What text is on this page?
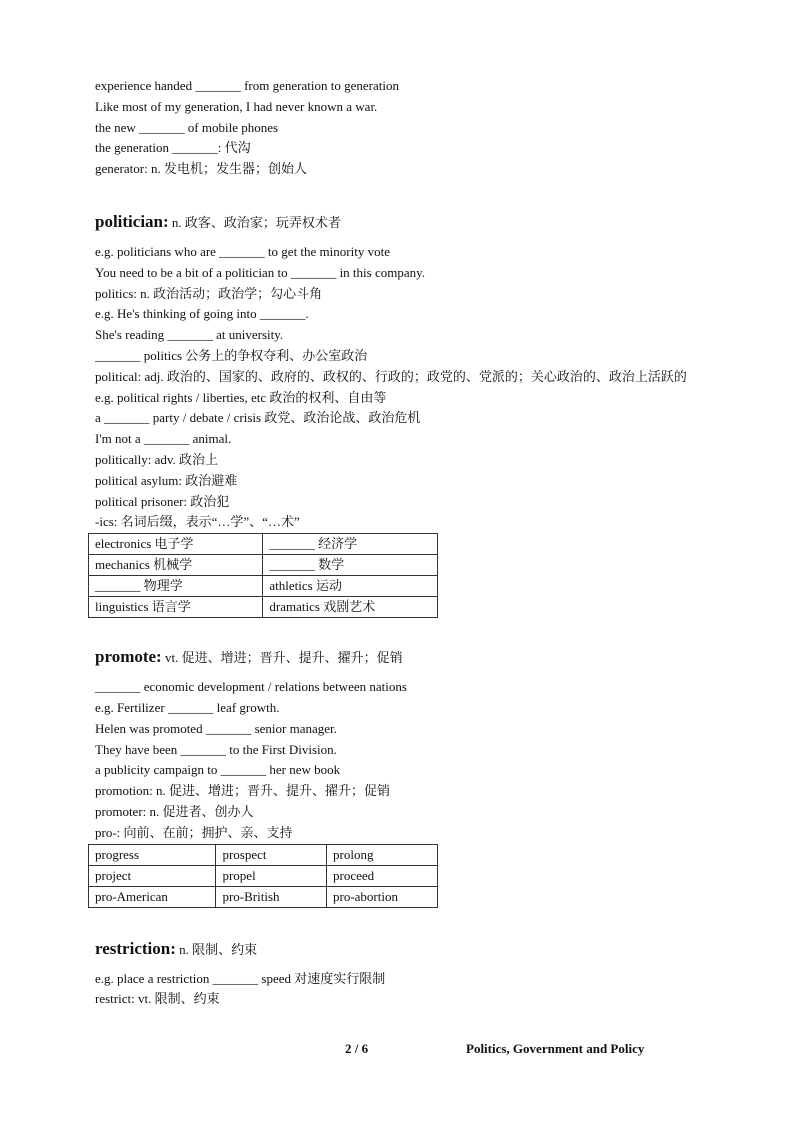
experience handed _______ from generation to generation
Like most of my generation, I had never known a war.
the new _______ of mobile phones
the generation _______: 代沟
generator: n. 发电机；发生器；创始人
politician: n. 政客、政治家；玩弄权术者
e.g. politicians who are _______ to get the minority vote
You need to be a bit of a politician to _______ in this company.
politics: n. 政治活动；政治学；勾心斗角
e.g. He's thinking of going into _______.
She's reading _______ at university.
_______ politics 公务上的争权夺利、办公室政治
political: adj. 政治的、国家的、政府的、政权的、行政的；政党的、党派的；关心政治的、政治上活跃的
e.g. political rights / liberties, etc 政治的权利、自由等
a _______ party / debate / crisis 政党、政治论战、政治危机
I'm not a _______ animal.
politically: adv. 政治上
political asylum: 政治避难
political prisoner: 政治犯
-ics: 名词后缀，表示“…学”、“…术”
electronics 电子学	_______ 经济学
mechanics 机械学	_______ 数学
_______ 物理学	athletics 运动
linguistics 语言学	dramatics 戏剧艺术
promote: vt. 促进、增进；晋升、提升、擢升；促销
_______ economic development / relations between nations
e.g. Fertilizer _______ leaf growth.
Helen was promoted _______ senior manager.
They have been _______ to the First Division.
a publicity campaign to _______ her new book
promotion: n. 促进、增进；晋升、提升、擢升；促销
promoter: n. 促进者、创办人
pro-: 向前、在前；拥护、亲、支持
progress	prospect	prolong
project	propel	proceed
pro-American	pro-British	pro-abortion
restriction: n. 限制、约束
e.g. place a restriction _______ speed 对速度实行限制
restrict: vt. 限制、约束
2 / 6	Politics, Government and Policy
